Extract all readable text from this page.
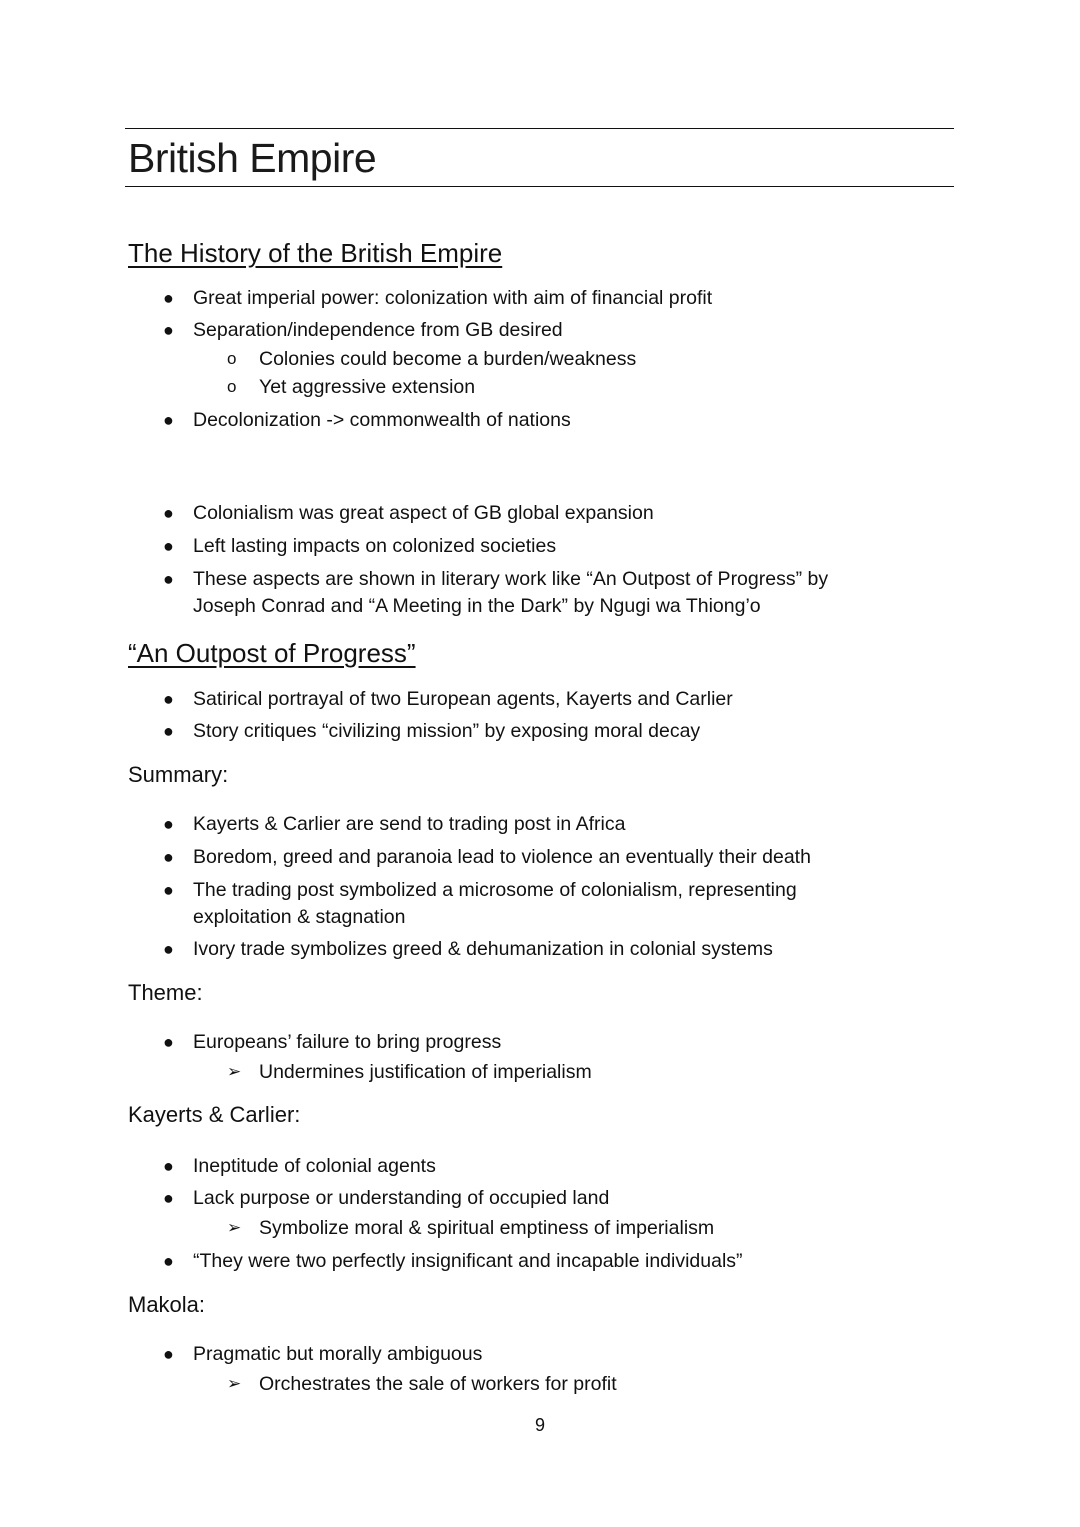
British Empire
The History of the British Empire
● Great imperial power: colonization with aim of financial profit
● Separation/independence from GB desired
o Colonies could become a burden/weakness
o Yet aggressive extension
● Decolonization -> commonwealth of nations
● Colonialism was great aspect of GB global expansion
● Left lasting impacts on colonized societies
● These aspects are shown in literary work like “An Outpost of Progress” by
Joseph Conrad and “A Meeting in the Dark” by Ngugi wa Thiong’o
“An Outpost of Progress”
● Satirical portrayal of two European agents, Kayerts and Carlier
● Story critiques “civilizing mission” by exposing moral decay
Summary:
● Kayerts & Carlier are send to trading post in Africa
● Boredom, greed and paranoia lead to violence an eventually their death
● The trading post symbolized a microsome of colonialism, representing
exploitation & stagnation
● Ivory trade symbolizes greed & dehumanization in colonial systems
Theme:
● Europeans’ failure to bring progress
➢ Undermines justification of imperialism
Kayerts & Carlier:
● Ineptitude of colonial agents
● Lack purpose or understanding of occupied land
➢ Symbolize moral & spiritual emptiness of imperialism
● “They were two perfectly insignificant and incapable individuals”
Makola:
● Pragmatic but morally ambiguous
➢ Orchestrates the sale of workers for profit
9
